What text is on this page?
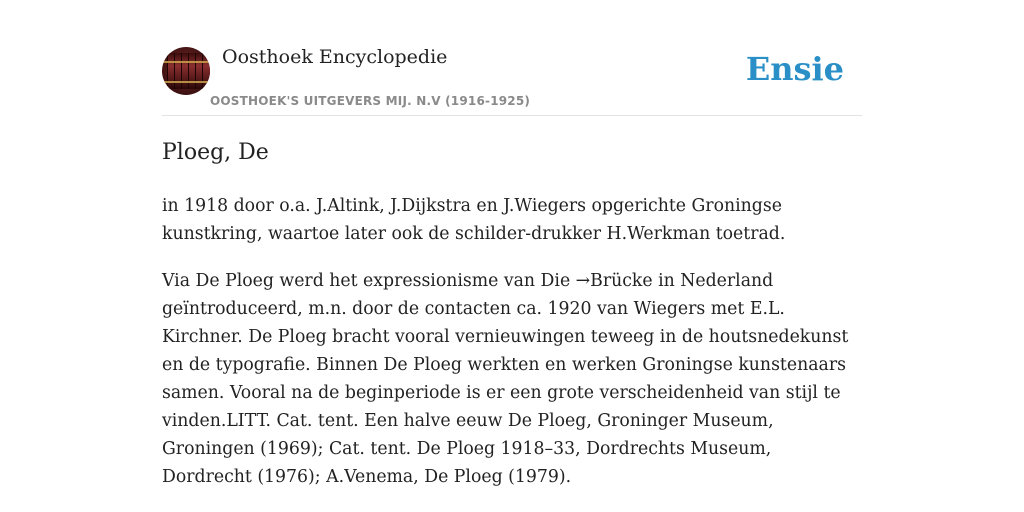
Oosthoek Encyclopedie
OOSTHOEK'S UITGEVERS MIJ. N.V (1916-1925)
Ensie
Ploeg, De

in 1918 door o.a. J.Altink, J.Dijkstra en J.Wiegers opgerichte Groningse kunstkring, waartoe later ook de schilder-drukker H.Werkman toetrad.

Via De Ploeg werd het expressionisme van Die →Brücke in Nederland geïntroduceerd, m.n. door de contacten ca. 1920 van Wiegers met E.L. Kirchner. De Ploeg bracht vooral vernieuwingen teweeg in de houtsnedekunst en de typografie. Binnen De Ploeg werkten en werken Groningse kunstenaars samen. Vooral na de beginperiode is er een grote verscheidenheid van stijl te vinden.LITT. Cat. tent. Een halve eeuw De Ploeg, Groninger Museum, Groningen (1969); Cat. tent. De Ploeg 1918–33, Dordrechts Museum, Dordrecht (1976); A.Venema, De Ploeg (1979).
